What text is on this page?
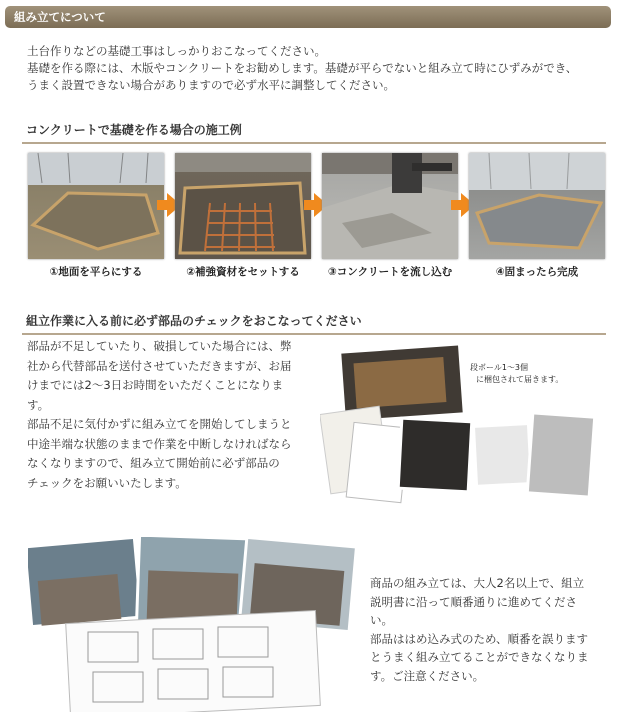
組み立てについて

土台作りなどの基礎工事はしっかりおこなってください。

基礎を作る際には、木版やコンクリートをお勧めします。基礎が平らでないと組み立て時にひずみができ、

うまく設置できない場合がありますので必ず水平に調整してください。

コンクリートで基礎を作る場合の施工例
①地面を平らにする	②補強資材をセットする	③コンクリートを流し込む	④固まったら完成
組立作業に入る前に必ず部品のチェックをおこなってください

部品が不足していたり、破損していた場合には、弊

社から代替部品を送付させていただきますが、お届

けまでには2〜3日お時間をいただくことになりま

す。

部品不足に気付かずに組み立てを開始してしまうと

中途半端な状態のままで作業を中断しなければなら

なくなりますので、組み立て開始前に必ず部品の

チェックをお願いいたします。

段ボール1〜3個
に梱包されて届きます。

商品の組み立ては、大人2名以上で、組立

説明書に沿って順番通りに進めてくださ

い。

部品ははめ込み式のため、順番を誤ります

とうまく組み立てることができなくなりま

す。ご注意ください。
